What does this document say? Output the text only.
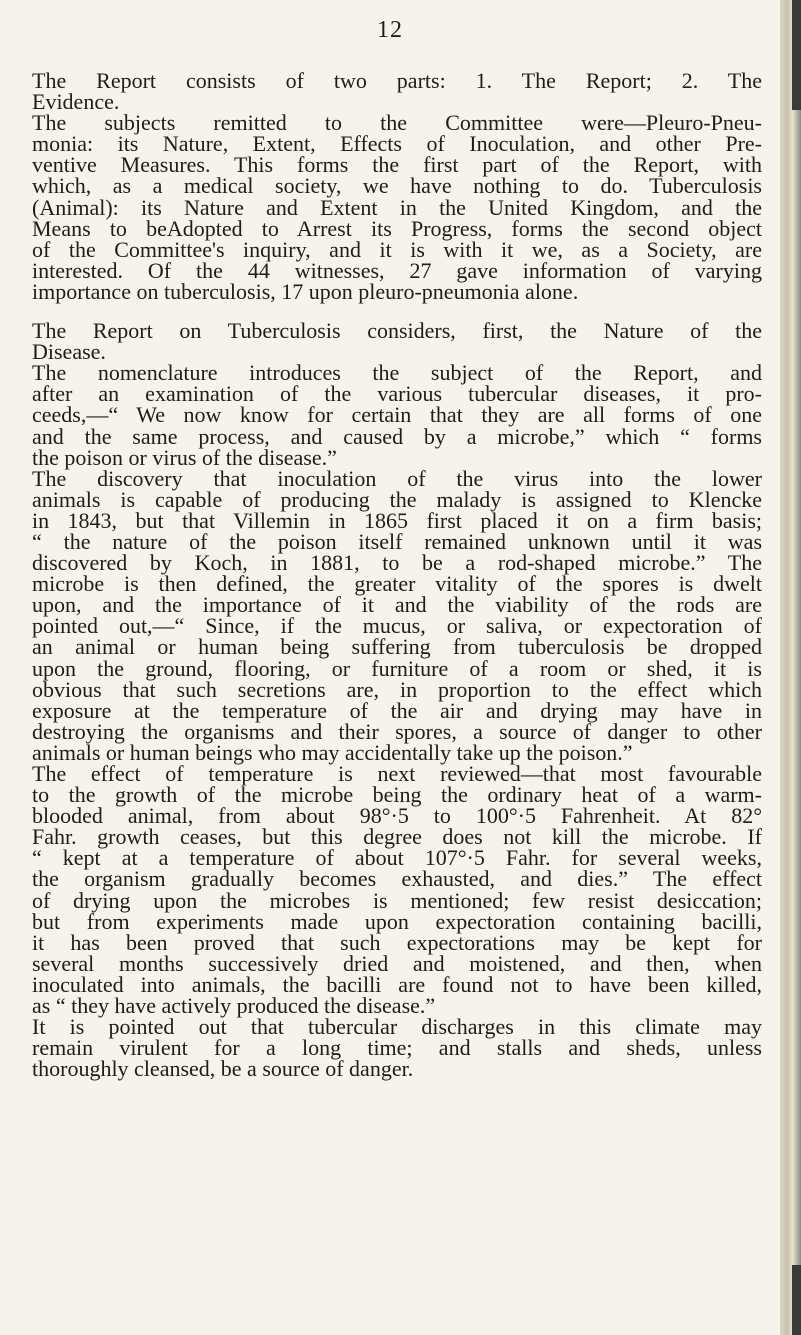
12
The Report consists of two parts: 1. The Report; 2. The
Evidence.
The subjects remitted to the Committee were—Pleuro-Pneu-
monia: its Nature, Extent, Effects of Inoculation, and other Pre-
ventive Measures. This forms the first part of the Report, with
which, as a medical society, we have nothing to do. Tuberculosis
(Animal): its Nature and Extent in the United Kingdom, and the
Means to beAdopted to Arrest its Progress, forms the second object
of the Committee's inquiry, and it is with it we, as a Society, are
interested. Of the 44 witnesses, 27 gave information of varying
importance on tuberculosis, 17 upon pleuro-pneumonia alone.
The Report on Tuberculosis considers, first, the Nature of the
Disease.
The nomenclature introduces the subject of the Report, and
after an examination of the various tubercular diseases, it pro-
ceeds,—“ We now know for certain that they are all forms of one
and the same process, and caused by a microbe,” which “ forms
the poison or virus of the disease.”
The discovery that inoculation of the virus into the lower
animals is capable of producing the malady is assigned to Klencke
in 1843, but that Villemin in 1865 first placed it on a firm basis;
“ the nature of the poison itself remained unknown until it was
discovered by Koch, in 1881, to be a rod-shaped microbe.” The
microbe is then defined, the greater vitality of the spores is dwelt
upon, and the importance of it and the viability of the rods are
pointed out,—“ Since, if the mucus, or saliva, or expectoration of
an animal or human being suffering from tuberculosis be dropped
upon the ground, flooring, or furniture of a room or shed, it is
obvious that such secretions are, in proportion to the effect which
exposure at the temperature of the air and drying may have in
destroying the organisms and their spores, a source of danger to other
animals or human beings who may accidentally take up the poison.”
The effect of temperature is next reviewed—that most favourable
to the growth of the microbe being the ordinary heat of a warm-
blooded animal, from about 98°·5 to 100°·5 Fahrenheit. At 82°
Fahr. growth ceases, but this degree does not kill the microbe. If
“ kept at a temperature of about 107°·5 Fahr. for several weeks,
the organism gradually becomes exhausted, and dies.” The effect
of drying upon the microbes is mentioned; few resist desiccation;
but from experiments made upon expectoration containing bacilli,
it has been proved that such expectorations may be kept for
several months successively dried and moistened, and then, when
inoculated into animals, the bacilli are found not to have been killed,
as “ they have actively produced the disease.”
It is pointed out that tubercular discharges in this climate may
remain virulent for a long time; and stalls and sheds, unless
thoroughly cleansed, be a source of danger.
